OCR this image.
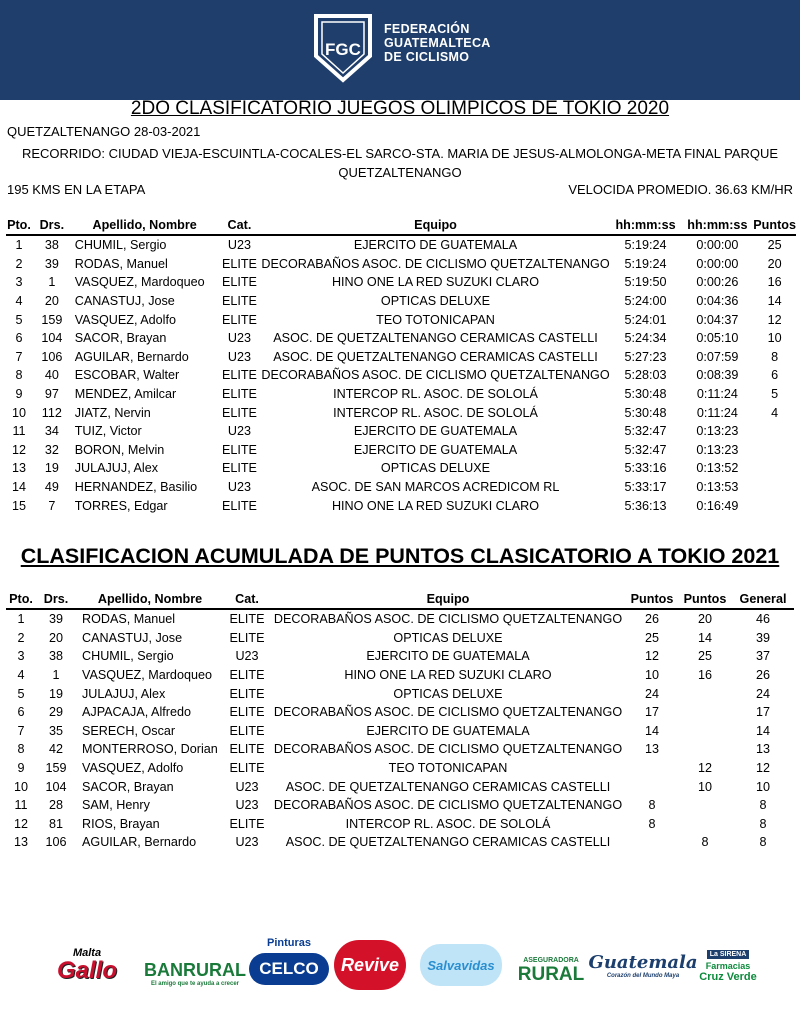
FGC
FEDERACIÓN
GUATEMALTECA
DE CICLISMO
2DO CLASIFICATORIO JUEGOS OLIMPICOS DE TOKIO 2020
QUETZALTENANGO 28-03-2021
RECORRIDO: CIUDAD VIEJA-ESCUINTLA-COCALES-EL SARCO-STA. MARIA DE JESUS-ALMOLONGA-META FINAL PARQUE
QUETZALTENANGO
195 KMS EN LA ETAPA	VELOCIDA PROMEDIO. 36.63 KM/HR
Pto.	Drs.	Apellido, Nombre	Cat.	Equipo	hh:mm:ss	hh:mm:ss	Puntos
1	38	CHUMIL, Sergio	U23	EJERCITO DE GUATEMALA	5:19:24	0:00:00	25
2	39	RODAS, Manuel	ELITE	DECORABAÑOS ASOC. DE CICLISMO QUETZALTENANGO	5:19:24	0:00:00	20
3	1	VASQUEZ, Mardoqueo	ELITE	HINO ONE LA RED SUZUKI CLARO	5:19:50	0:00:26	16
4	20	CANASTUJ, Jose	ELITE	OPTICAS DELUXE	5:24:00	0:04:36	14
5	159	VASQUEZ, Adolfo	ELITE	TEO TOTONICAPAN	5:24:01	0:04:37	12
6	104	SACOR, Brayan	U23	ASOC. DE QUETZALTENANGO CERAMICAS CASTELLI	5:24:34	0:05:10	10
7	106	AGUILAR, Bernardo	U23	ASOC. DE QUETZALTENANGO CERAMICAS CASTELLI	5:27:23	0:07:59	8
8	40	ESCOBAR, Walter	ELITE	DECORABAÑOS ASOC. DE CICLISMO QUETZALTENANGO	5:28:03	0:08:39	6
9	97	MENDEZ, Amilcar	ELITE	INTERCOP RL. ASOC. DE SOLOLÁ	5:30:48	0:11:24	5
10	112	JIATZ, Nervin	ELITE	INTERCOP RL. ASOC. DE SOLOLÁ	5:30:48	0:11:24	4
11	34	TUIZ, Victor	U23	EJERCITO DE GUATEMALA	5:32:47	0:13:23	
12	32	BORON, Melvin	ELITE	EJERCITO DE GUATEMALA	5:32:47	0:13:23	
13	19	JULAJUJ, Alex	ELITE	OPTICAS DELUXE	5:33:16	0:13:52	
14	49	HERNANDEZ, Basilio	U23	ASOC. DE SAN MARCOS ACREDICOM RL	5:33:17	0:13:53	
15	7	TORRES, Edgar	ELITE	HINO ONE LA RED SUZUKI CLARO	5:36:13	0:16:49	
CLASIFICACION ACUMULADA DE PUNTOS CLASICATORIO A TOKIO 2021
Pto.	Drs.	Apellido, Nombre	Cat.	Equipo	Puntos	Puntos	General
1	39	RODAS, Manuel	ELITE	DECORABAÑOS ASOC. DE CICLISMO QUETZALTENANGO	26	20	46
2	20	CANASTUJ, Jose	ELITE	OPTICAS DELUXE	25	14	39
3	38	CHUMIL, Sergio	U23	EJERCITO DE GUATEMALA	12	25	37
4	1	VASQUEZ, Mardoqueo	ELITE	HINO ONE LA RED SUZUKI CLARO	10	16	26
5	19	JULAJUJ, Alex	ELITE	OPTICAS DELUXE	24		24
6	29	AJPACAJA, Alfredo	ELITE	DECORABAÑOS ASOC. DE CICLISMO QUETZALTENANGO	17		17
7	35	SERECH, Oscar	ELITE	EJERCITO DE GUATEMALA	14		14
8	42	MONTERROSO, Dorian	ELITE	DECORABAÑOS ASOC. DE CICLISMO QUETZALTENANGO	13		13
9	159	VASQUEZ, Adolfo	ELITE	TEO TOTONICAPAN		12	12
10	104	SACOR, Brayan	U23	ASOC. DE QUETZALTENANGO CERAMICAS CASTELLI		10	10
11	28	SAM, Henry	U23	DECORABAÑOS ASOC. DE CICLISMO QUETZALTENANGO	8		8
12	81	RIOS, Brayan	ELITE	INTERCOP RL. ASOC. DE SOLOLÁ	8		8
13	106	AGUILAR, Bernardo	U23	ASOC. DE QUETZALTENANGO CERAMICAS CASTELLI		8	8
Malta
Gallo BANRURAL
El amigo que te ayuda a crecer
Pinturas
CELCO	Revive Salvavidas	ASEGURADORA
RURAL
Guatemala
Corazón del Mundo Maya
La SIRENA
Farmacias
Cruz Verde
